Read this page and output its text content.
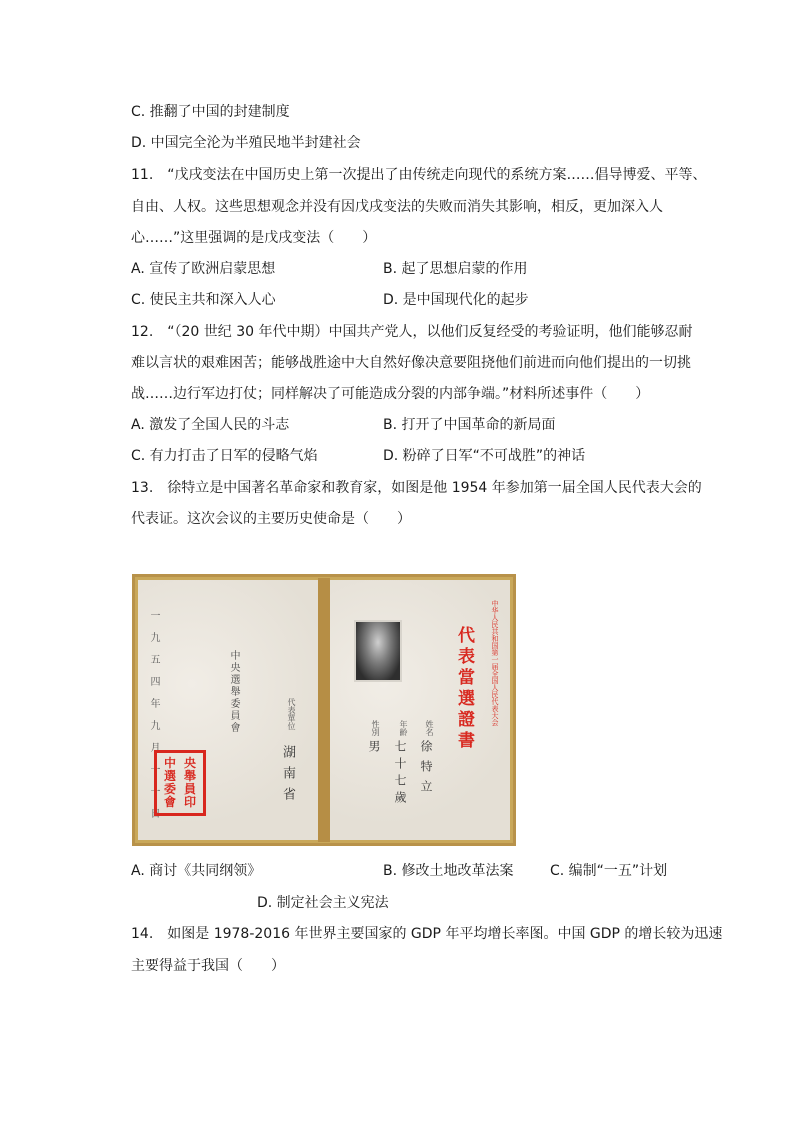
C. 推翻了中国的封建制度
D. 中国完全沦为半殖民地半封建社会
11.　“戊戌变法在中国历史上第一次提出了由传统走向现代的系统方案……倡导博爱、平等、
自由、人权。这些思想观念并没有因戊戌变法的失败而消失其影响，相反，更加深入人
心……”这里强调的是戊戌变法（　　）
A. 宣传了欧洲启蒙思想	B. 起了思想启蒙的作用
C. 使民主共和深入人心	D. 是中国现代化的起步
12.　“（20 世纪 30 年代中期）中国共产党人，以他们反复经受的考验证明，他们能够忍耐
难以言状的艰难困苦；能够战胜途中大自然好像决意要阻挠他们前进而向他们提出的一切挑
战……边行军边打仗；同样解决了可能造成分裂的内部争端。”材料所述事件（　　）
A. 激发了全国人民的斗志	B. 打开了中国革命的新局面
C. 有力打击了日军的侵略气焰	D. 粉碎了日军“不可战胜”的神话
13.　徐特立是中国著名革命家和教育家，如图是他 1954 年参加第一届全国人民代表大会的
代表证。这次会议的主要历史使命是（　　）
一九五四年九月一一日	中央選舉委員會	代表單位
湖南省
中 央
選 舉
委 員
會 印
中华人民共和国第一届全国人民代表大会
代表當選證書
姓名
徐特立
年齡
七十七歲
性別
男
A. 商讨《共同纲领》	B. 修改土地改革法案	C. 编制“一五”计划
D. 制定社会主义宪法
14.　如图是 1978-2016 年世界主要国家的 GDP 年平均增长率图。中国 GDP 的增长较为迅速
主要得益于我国（　　）
